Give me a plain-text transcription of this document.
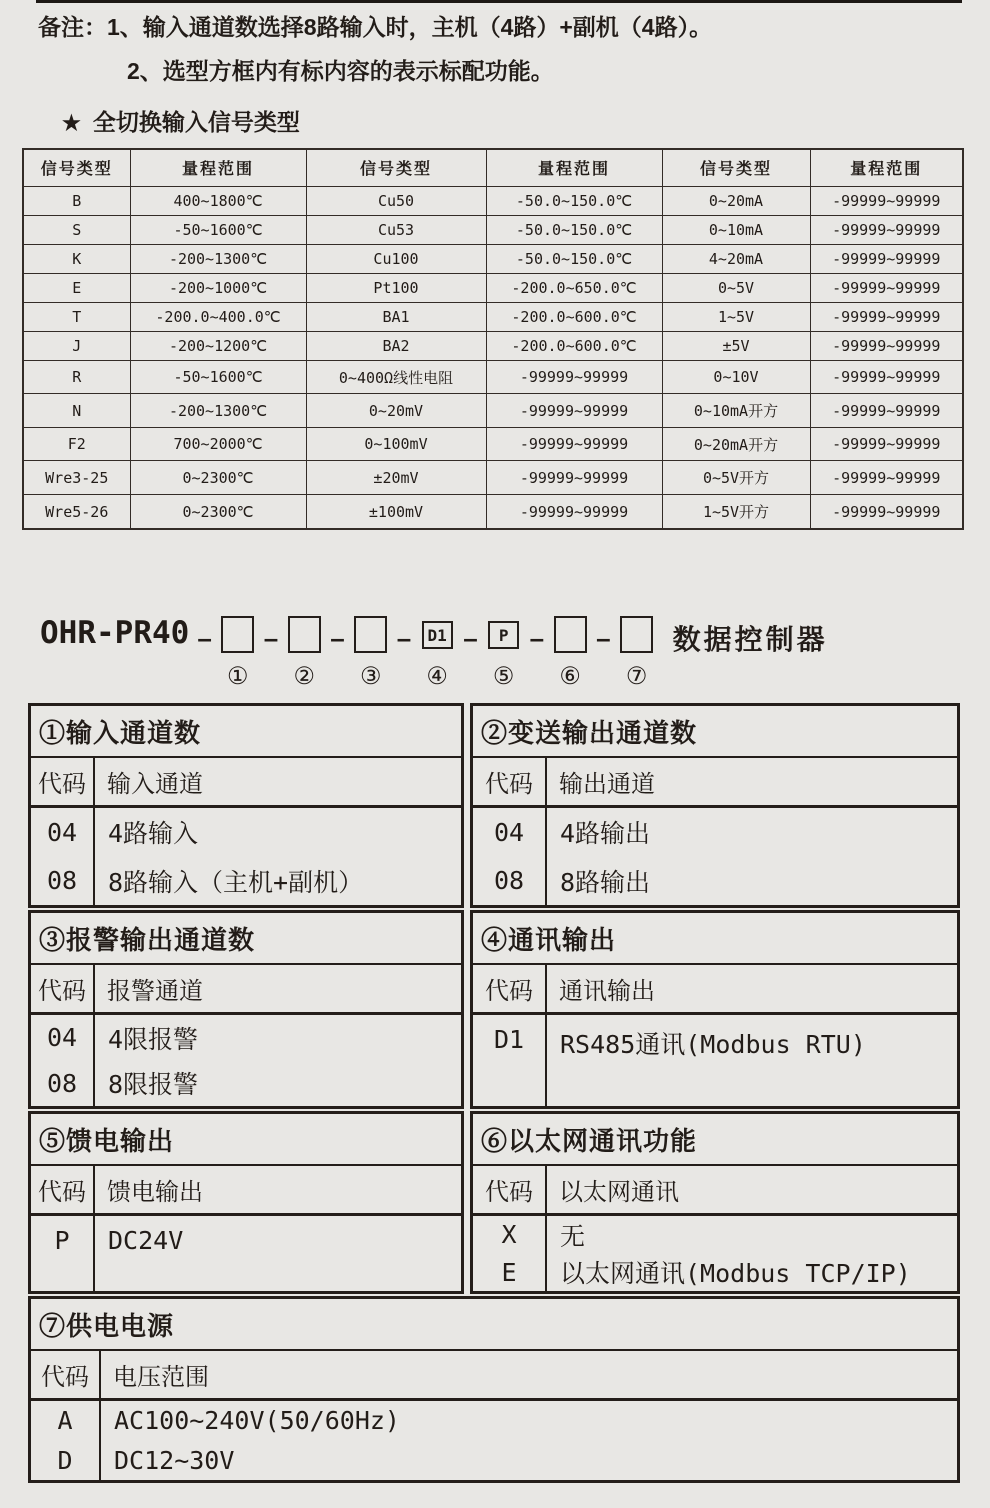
备注： 1、输入通道数选择8路输入时，主机（4路）+副机（4路）。
2、选型方框内有标内容的表示标配功能。
★ 全切换输入信号类型
信号类型	量程范围	信号类型	量程范围	信号类型	量程范围
B	400~1800℃	Cu50	-50.0~150.0℃	0~20mA	-99999~99999
S	-50~1600℃	Cu53	-50.0~150.0℃	0~10mA	-99999~99999
K	-200~1300℃	Cu100	-50.0~150.0℃	4~20mA	-99999~99999
E	-200~1000℃	Pt100	-200.0~650.0℃	0~5V	-99999~99999
T	-200.0~400.0℃	BA1	-200.0~600.0℃	1~5V	-99999~99999
J	-200~1200℃	BA2	-200.0~600.0℃	±5V	-99999~99999
R	-50~1600℃	0~400Ω线性电阻	-99999~99999	0~10V	-99999~99999
N	-200~1300℃	0~20mV	-99999~99999	0~10mA开方	-99999~99999
F2	700~2000℃	0~100mV	-99999~99999	0~20mA开方	-99999~99999
Wre3-25	0~2300℃	±20mV	-99999~99999	0~5V开方	-99999~99999
Wre5-26	0~2300℃	±100mV	-99999~99999	1~5V开方	-99999~99999
OHR-PR40 –
①
–
②
–
③
–	D1
④
–	P
⑤
–
⑥
–
⑦
数据控制器
①输入通道数
代码 输入通道
04	4路输入
08	8路输入（主机+副机）
②变送输出通道数
代码	输出通道
04	4路输出
08	8路输出
③报警输出通道数
代码 报警通道
04	4限报警
08	8限报警
④通讯输出
代码	通讯输出
D1	RS485通讯(Modbus RTU)
⑤馈电输出
代码 馈电输出
P	DC24V
⑥以太网通讯功能
代码	以太网通讯
X	无
E	以太网通讯(Modbus TCP/IP)
⑦供电电源
代码	电压范围
A	AC100~240V(50/60Hz)
D	DC12~30V
